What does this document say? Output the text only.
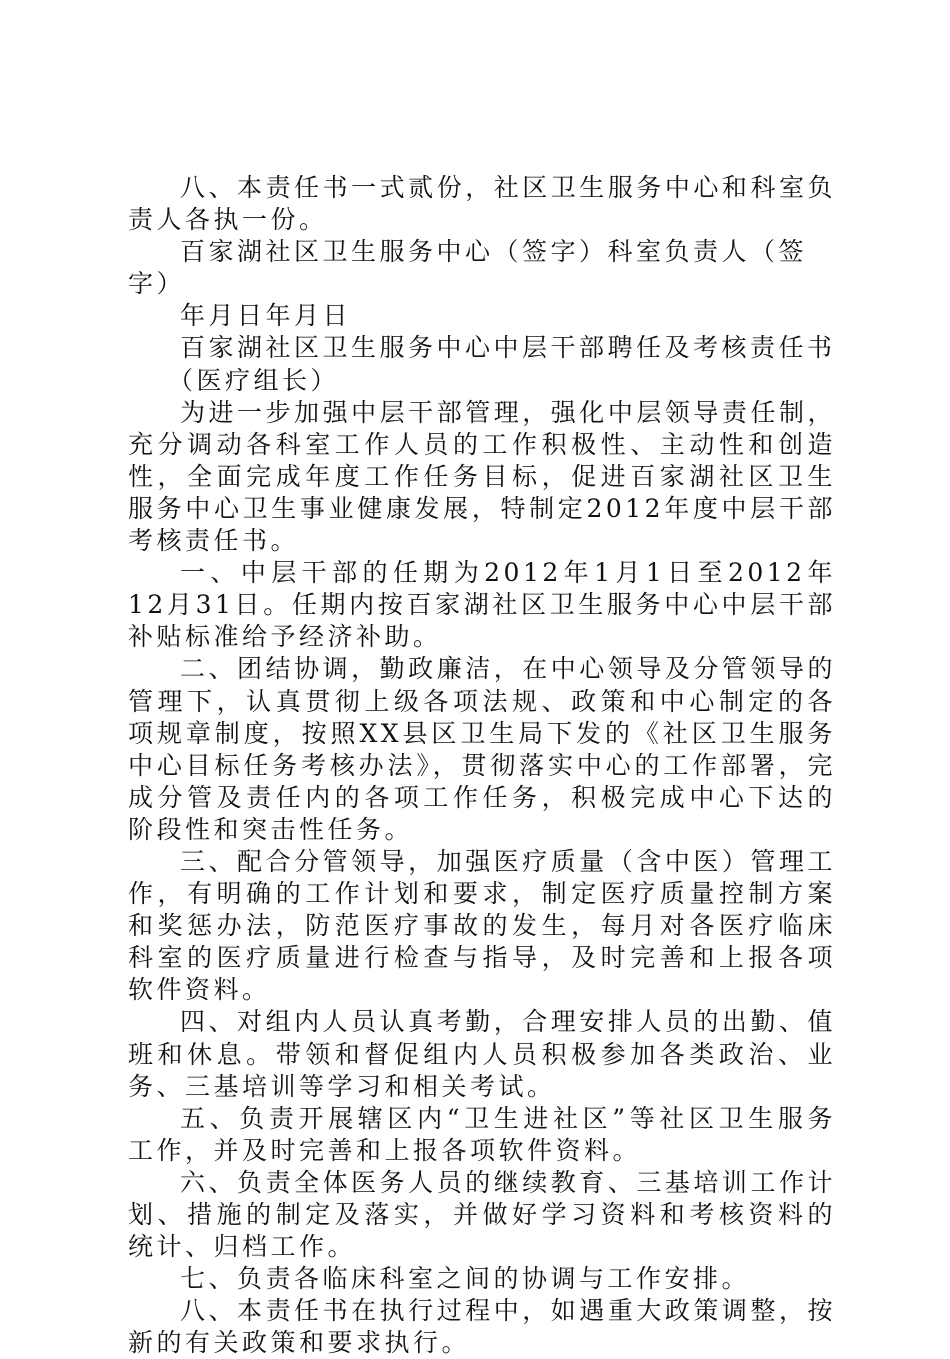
八、本责任书一式贰份，社区卫生服务中心和科室负责人各执一份。

百家湖社区卫生服务中心（签字）科室负责人（签字）

年月日年月日

百家湖社区卫生服务中心中层干部聘任及考核责任书

（医疗组长）

为进一步加强中层干部管理，强化中层领导责任制，充分调动各科室工作人员的工作积极性、主动性和创造性，全面完成年度工作任务目标，促进百家湖社区卫生服务中心卫生事业健康发展，特制定2012年度中层干部考核责任书。

一、中层干部的任期为2012年1月1日至2012年12月31日。任期内按百家湖社区卫生服务中心中层干部补贴标准给予经济补助。

二、团结协调，勤政廉洁，在中心领导及分管领导的管理下，认真贯彻上级各项法规、政策和中心制定的各项规章制度，按照XX县区卫生局下发的《社区卫生服务中心目标任务考核办法》，贯彻落实中心的工作部署，完成分管及责任内的各项工作任务，积极完成中心下达的阶段性和突击性任务。

三、配合分管领导，加强医疗质量（含中医）管理工作，有明确的工作计划和要求，制定医疗质量控制方案和奖惩办法，防范医疗事故的发生，每月对各医疗临床科室的医疗质量进行检查与指导，及时完善和上报各项软件资料。

四、对组内人员认真考勤，合理安排人员的出勤、值班和休息。带领和督促组内人员积极参加各类政治、业务、三基培训等学习和相关考试。

五、负责开展辖区内“卫生进社区”等社区卫生服务工作，并及时完善和上报各项软件资料。

六、负责全体医务人员的继续教育、三基培训工作计划、措施的制定及落实，并做好学习资料和考核资料的统计、归档工作。

七、负责各临床科室之间的协调与工作安排。

八、本责任书在执行过程中，如遇重大政策调整，按新的有关政策和要求执行。
